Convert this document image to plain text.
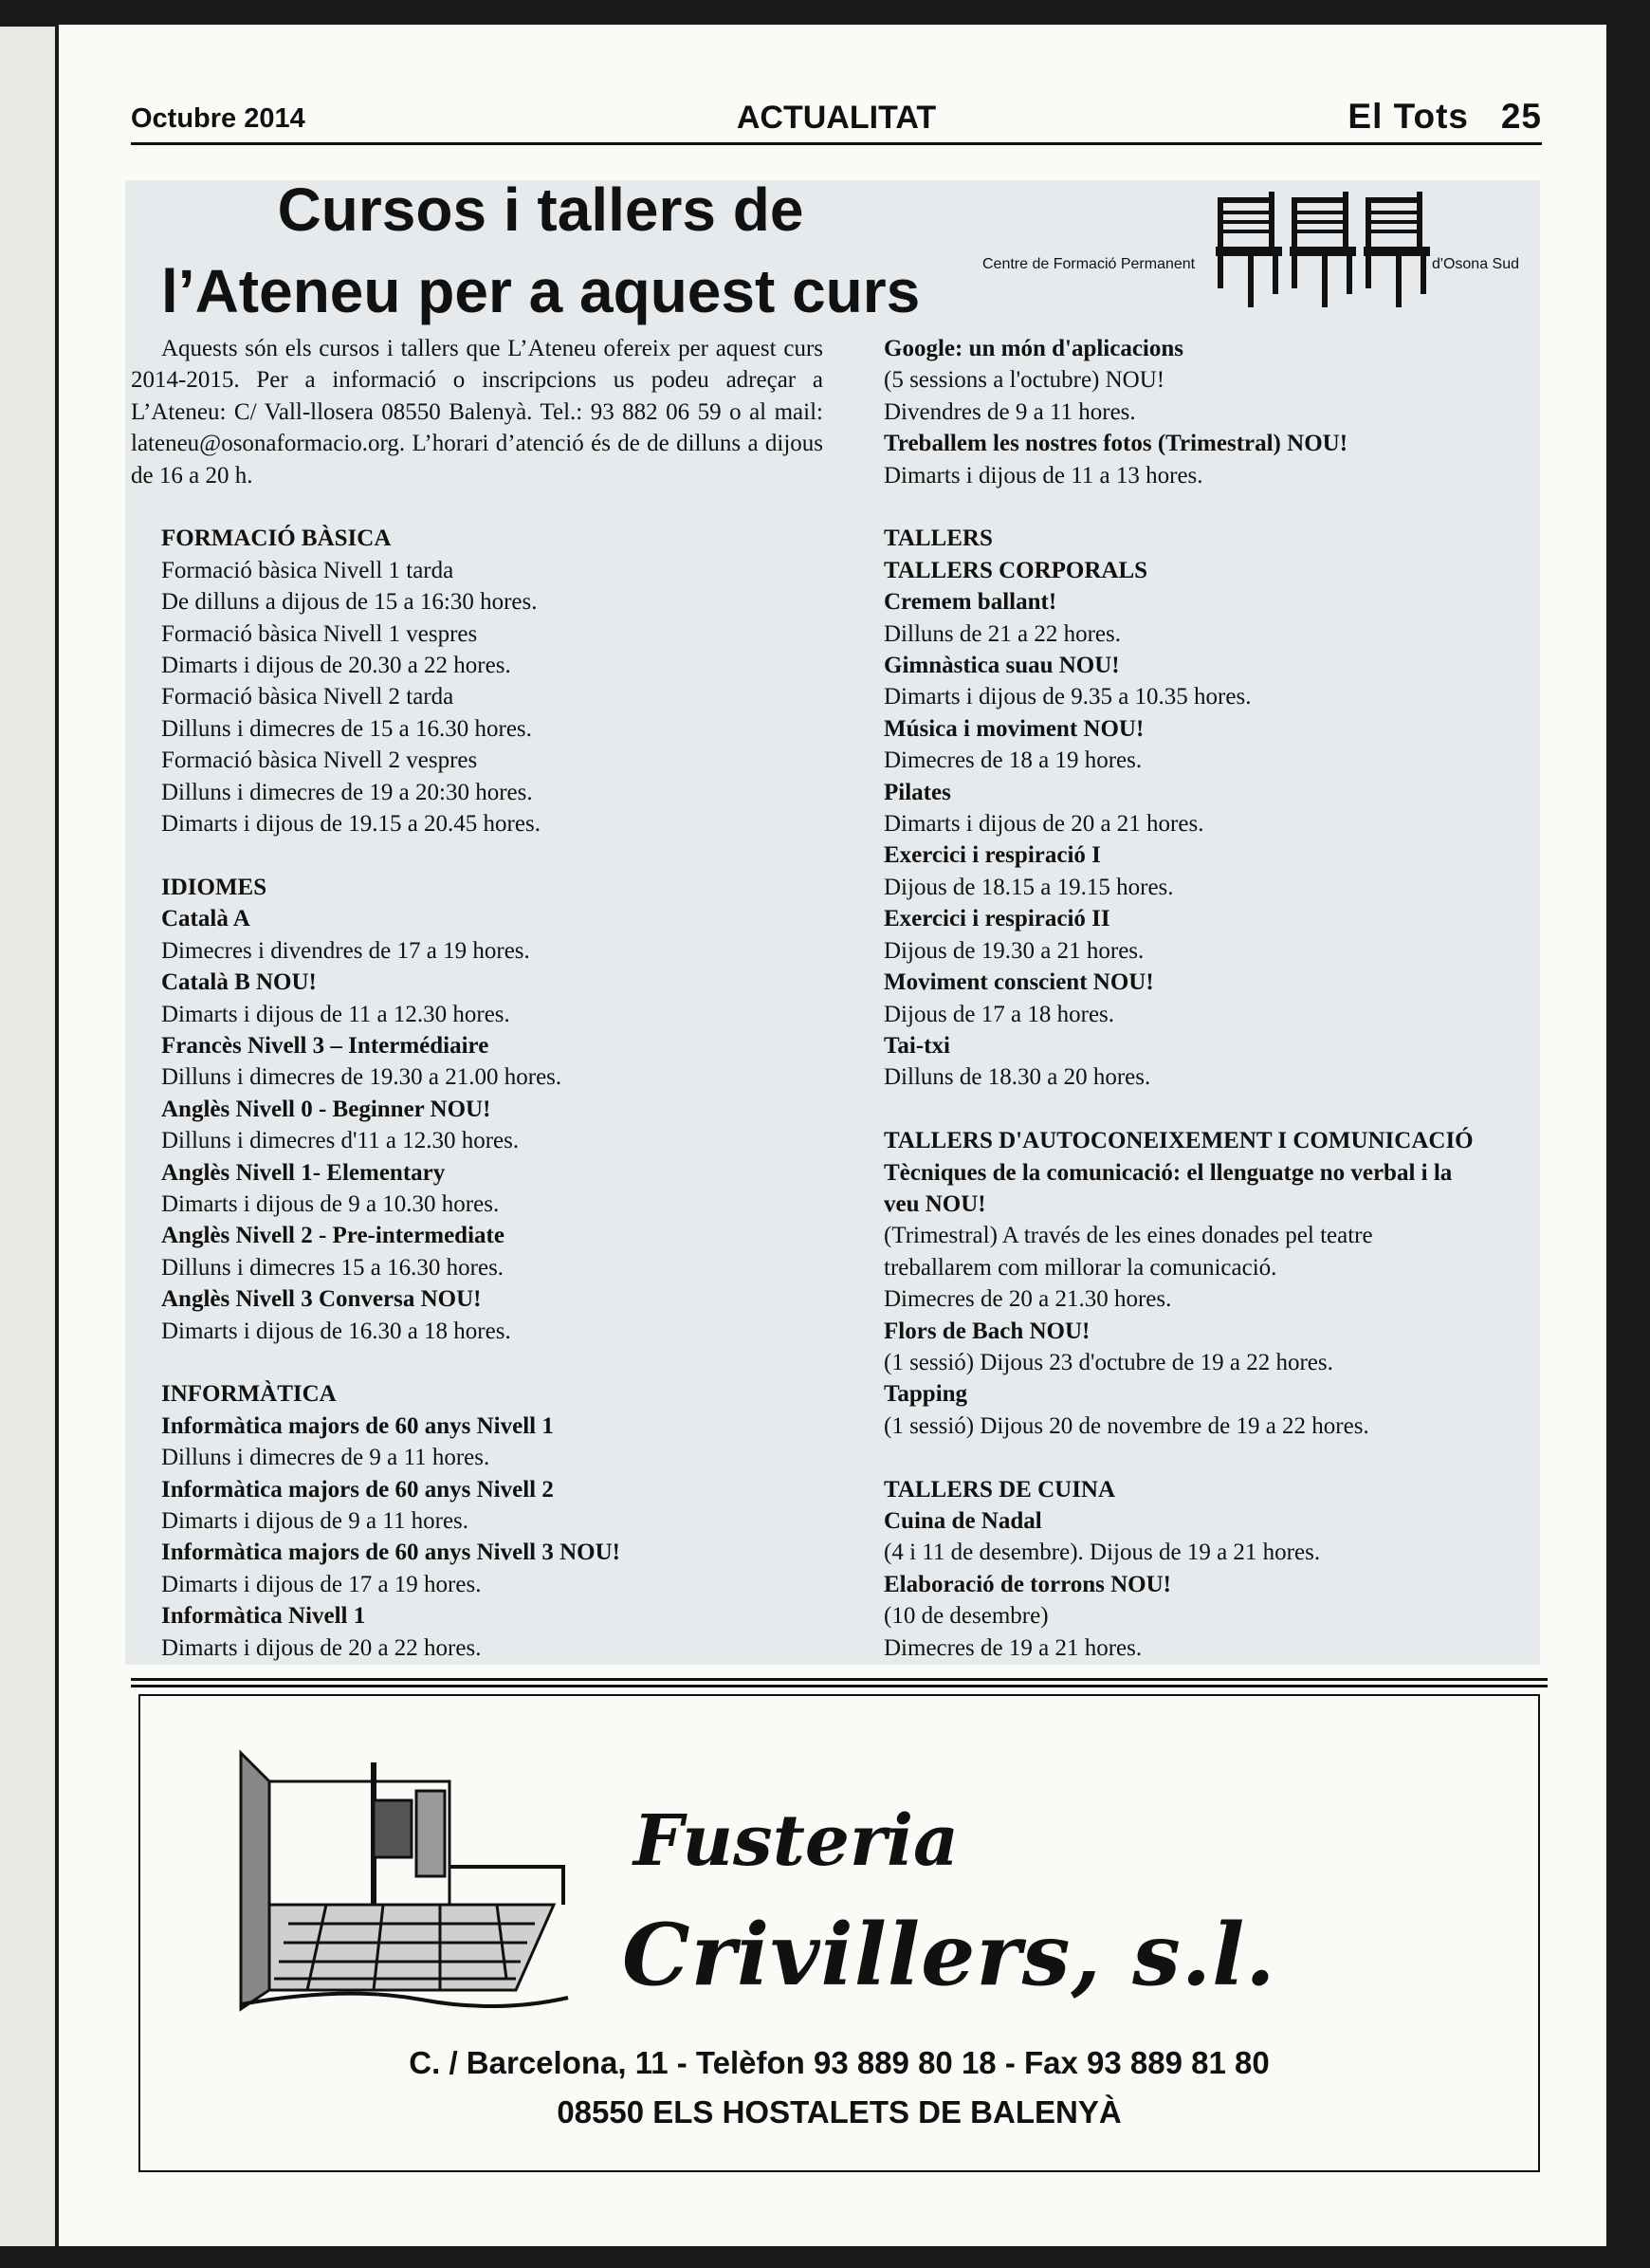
Octubre 2014	ACTUALITAT	El Tots 25
Cursos i tallers de
l’Ateneu per a aquest curs	Centre de Formació Permanent	d'Osona Sud

Aquests són els cursos i tallers que L’Ateneu ofereix per aquest curs 2014-2015. Per a informació o inscripcions us podeu adreçar a L’Ateneu: C/ Vall-llosera 08550 Balenyà. Tel.: 93 882 06 59 o al mail: lateneu@osonaformacio.org. L’horari d’atenció és de de dilluns a dijous de 16 a 20 h.

FORMACIÓ BÀSICA

Formació bàsica Nivell 1 tarda

De dilluns a dijous de 15 a 16:30 hores.

Formació bàsica Nivell 1 vespres

Dimarts i dijous de 20.30 a 22 hores.

Formació bàsica Nivell 2 tarda

Dilluns i dimecres de 15 a 16.30 hores.

Formació bàsica Nivell 2 vespres

Dilluns i dimecres de 19 a 20:30 hores.

Dimarts i dijous de 19.15 a 20.45 hores.

IDIOMES

Català A

Dimecres i divendres de 17 a 19 hores.

Català B NOU!

Dimarts i dijous de 11 a 12.30 hores.

Francès Nivell 3 – Intermédiaire

Dilluns i dimecres de 19.30 a 21.00 hores.

Anglès Nivell 0 - Beginner NOU!

Dilluns i dimecres d'11 a 12.30 hores.

Anglès Nivell 1- Elementary

Dimarts i dijous de 9 a 10.30 hores.

Anglès Nivell 2 - Pre-intermediate

Dilluns i dimecres 15 a 16.30 hores.

Anglès Nivell 3 Conversa NOU!

Dimarts i dijous de 16.30 a 18 hores.

INFORMÀTICA

Informàtica majors de 60 anys Nivell 1

Dilluns i dimecres de 9 a 11 hores.

Informàtica majors de 60 anys Nivell 2

Dimarts i dijous de 9 a 11 hores.

Informàtica majors de 60 anys Nivell 3 NOU!

Dimarts i dijous de 17 a 19 hores.

Informàtica Nivell 1

Dimarts i dijous de 20 a 22 hores.

Google: un món d'aplicacions

(5 sessions a l'octubre) NOU!

Divendres de 9 a 11 hores.

Treballem les nostres fotos (Trimestral) NOU!

Dimarts i dijous de 11 a 13 hores.

TALLERS

TALLERS CORPORALS

Cremem ballant!

Dilluns de 21 a 22 hores.

Gimnàstica suau NOU!

Dimarts i dijous de 9.35 a 10.35 hores.

Música i moviment NOU!

Dimecres de 18 a 19 hores.

Pilates

Dimarts i dijous de 20 a 21 hores.

Exercici i respiració I

Dijous de 18.15 a 19.15 hores.

Exercici i respiració II

Dijous de 19.30 a 21 hores.

Moviment conscient NOU!

Dijous de 17 a 18 hores.

Tai-txi

Dilluns de 18.30 a 20 hores.

TALLERS D'AUTOCONEIXEMENT I COMUNICACIÓ

Tècniques de la comunicació: el llenguatge no verbal i la

veu NOU!

(Trimestral) A través de les eines donades pel teatre

treballarem com millorar la comunicació.

Dimecres de 20 a 21.30 hores.

Flors de Bach NOU!

(1 sessió) Dijous 23 d'octubre de 19 a 22 hores.

Tapping

(1 sessió) Dijous 20 de novembre de 19 a 22 hores.

TALLERS DE CUINA

Cuina de Nadal

(4 i 11 de desembre). Dijous de 19 a 21 hores.

Elaboració de torrons NOU!

(10 de desembre)

Dimecres de 19 a 21 hores.

Fusteria
Crivillers, s.l.
C. / Barcelona, 11 - Telèfon 93 889 80 18 - Fax 93 889 81 80
08550 ELS HOSTALETS DE BALENYÀ
